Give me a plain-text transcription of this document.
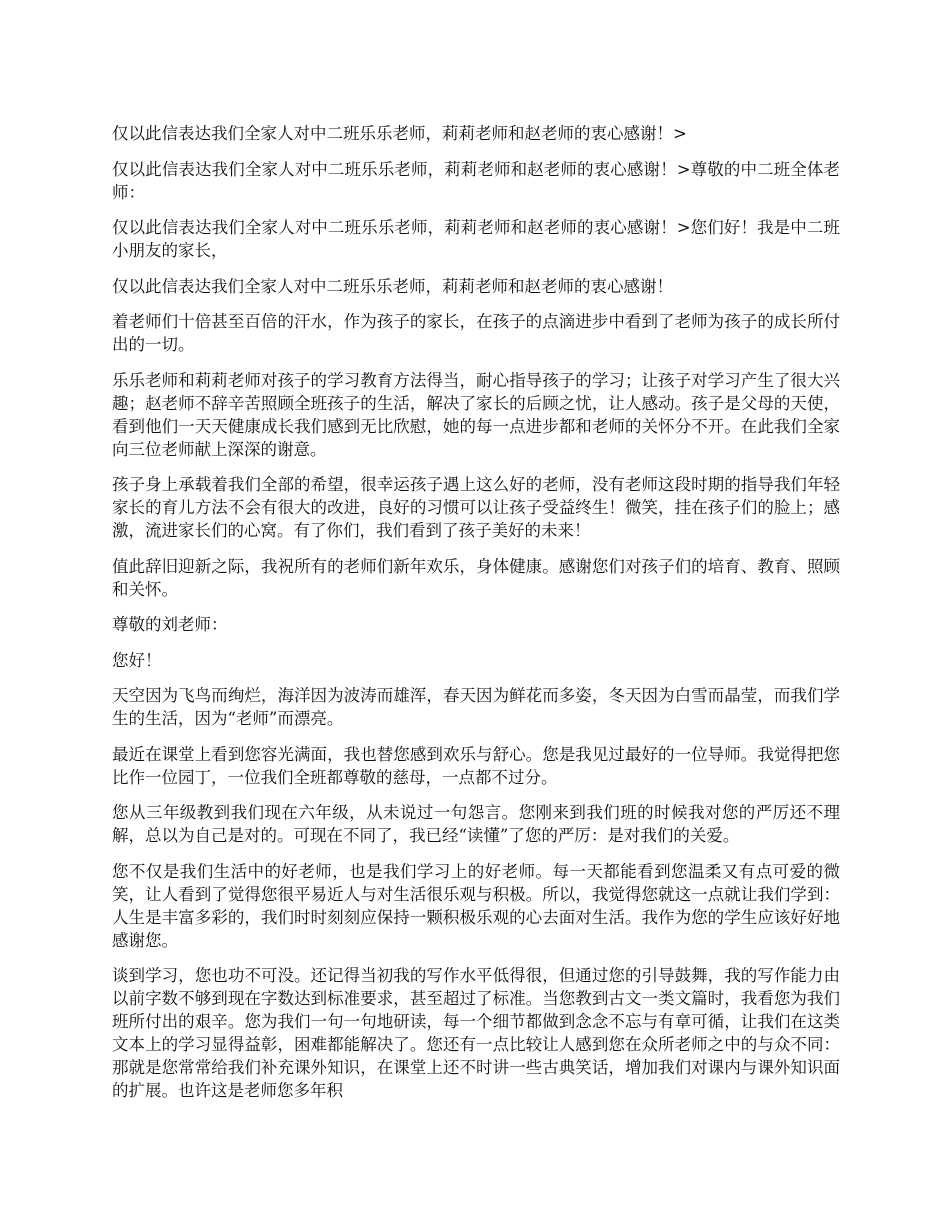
仅以此信表达我们全家人对中二班乐乐老师，莉莉老师和赵老师的衷心感谢！>

仅以此信表达我们全家人对中二班乐乐老师，莉莉老师和赵老师的衷心感谢！>尊敬的中二班全体老师：

仅以此信表达我们全家人对中二班乐乐老师，莉莉老师和赵老师的衷心感谢！>您们好！我是中二班小朋友的家长，

仅以此信表达我们全家人对中二班乐乐老师，莉莉老师和赵老师的衷心感谢！

着老师们十倍甚至百倍的汗水，作为孩子的家长，在孩子的点滴进步中看到了老师为孩子的成长所付出的一切。

乐乐老师和莉莉老师对孩子的学习教育方法得当，耐心指导孩子的学习；让孩子对学习产生了很大兴趣；赵老师不辞辛苦照顾全班孩子的生活，解决了家长的后顾之忧，让人感动。孩子是父母的天使，看到他们一天天健康成长我们感到无比欣慰，她的每一点进步都和老师的关怀分不开。在此我们全家向三位老师献上深深的谢意。

孩子身上承载着我们全部的希望，很幸运孩子遇上这么好的老师，没有老师这段时期的指导我们年轻家长的育儿方法不会有很大的改进，良好的习惯可以让孩子受益终生！微笑，挂在孩子们的脸上；感激，流进家长们的心窝。有了你们，我们看到了孩子美好的未来！

值此辞旧迎新之际，我祝所有的老师们新年欢乐，身体健康。感谢您们对孩子们的培育、教育、照顾和关怀。

尊敬的刘老师：

您好！

天空因为飞鸟而绚烂，海洋因为波涛而雄浑，春天因为鲜花而多姿，冬天因为白雪而晶莹，而我们学生的生活，因为“老师”而漂亮。

最近在课堂上看到您容光满面，我也替您感到欢乐与舒心。您是我见过最好的一位导师。我觉得把您比作一位园丁，一位我们全班都尊敬的慈母，一点都不过分。

您从三年级教到我们现在六年级，从未说过一句怨言。您刚来到我们班的时候我对您的严厉还不理解，总以为自己是对的。可现在不同了，我已经“读懂”了您的严厉：是对我们的关爱。

您不仅是我们生活中的好老师，也是我们学习上的好老师。每一天都能看到您温柔又有点可爱的微笑，让人看到了觉得您很平易近人与对生活很乐观与积极。所以，我觉得您就这一点就让我们学到：人生是丰富多彩的，我们时时刻刻应保持一颗积极乐观的心去面对生活。我作为您的学生应该好好地感谢您。

谈到学习，您也功不可没。还记得当初我的写作水平低得很，但通过您的引导鼓舞，我的写作能力由以前字数不够到现在字数达到标准要求，甚至超过了标准。当您教到古文一类文篇时，我看您为我们班所付出的艰辛。您为我们一句一句地研读，每一个细节都做到念念不忘与有章可循，让我们在这类文本上的学习显得益彰，困难都能解决了。您还有一点比较让人感到您在众所老师之中的与众不同：那就是您常常给我们补充课外知识，在课堂上还不时讲一些古典笑话，增加我们对课内与课外知识面的扩展。也许这是老师您多年积
